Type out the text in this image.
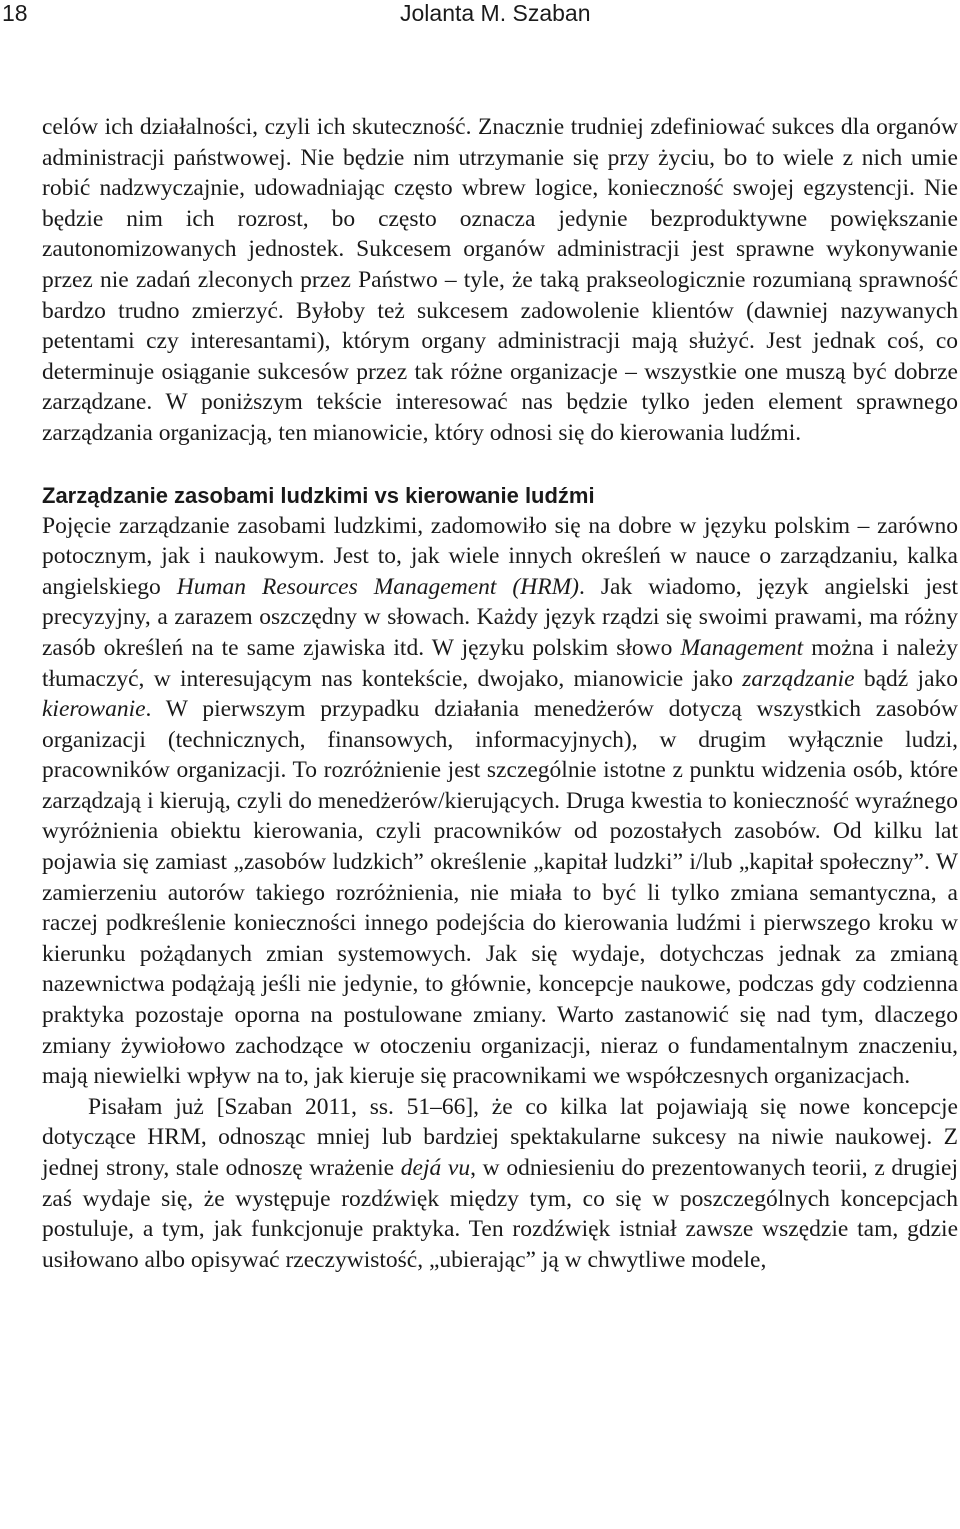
18	Jolanta M. Szaban

celów ich działalności, czyli ich skuteczność. Znacznie trudniej zdefiniować sukces dla organów administracji państwowej. Nie będzie nim utrzymanie się przy życiu, bo to wiele z nich umie robić nadzwyczajnie, udowadniając często wbrew logice, konieczność swojej egzystencji. Nie będzie nim ich rozrost, bo często oznacza jedynie bezproduktywne powiększanie zautonomizowanych jednostek. Sukcesem organów administracji jest sprawne wykonywanie przez nie zadań zleconych przez Państwo – tyle, że taką prakseologicznie rozumianą sprawność bardzo trudno zmierzyć. Byłoby też sukcesem zadowolenie klientów (dawniej nazywanych petentami czy interesantami), którym organy administracji mają służyć. Jest jednak coś, co determinuje osiąganie sukcesów przez tak różne organizacje – wszystkie one muszą być dobrze zarządzane. W poniższym tekście interesować nas będzie tylko jeden element sprawnego zarządzania organizacją, ten mianowicie, który odnosi się do kierowania ludźmi.

Zarządzanie zasobami ludzkimi vs kierowanie ludźmi

Pojęcie zarządzanie zasobami ludzkimi, zadomowiło się na dobre w języku polskim – zarówno potocznym, jak i naukowym. Jest to, jak wiele innych określeń w nauce o zarządzaniu, kalka angielskiego Human Resources Management (HRM). Jak wiadomo, język angielski jest precyzyjny, a zarazem oszczędny w słowach. Każdy język rządzi się swoimi prawami, ma różny zasób określeń na te same zjawiska itd. W języku polskim słowo Management można i należy tłumaczyć, w interesującym nas kontekście, dwojako, mianowicie jako zarządzanie bądź jako kierowanie. W pierwszym przypadku działania menedżerów dotyczą wszystkich zasobów organizacji (technicznych, finansowych, informacyjnych), w drugim wyłącznie ludzi, pracowników organizacji. To rozróżnienie jest szczególnie istotne z punktu widzenia osób, które zarządzają i kierują, czyli do menedżerów/kierujących. Druga kwestia to konieczność wyraźnego wyróżnienia obiektu kierowania, czyli pracowników od pozostałych zasobów. Od kilku lat pojawia się zamiast „zasobów ludzkich” określenie „kapitał ludzki” i/lub „kapitał społeczny”. W zamierzeniu autorów takiego rozróżnienia, nie miała to być li tylko zmiana semantyczna, a raczej podkreślenie konieczności innego podejścia do kierowania ludźmi i pierwszego kroku w kierunku pożądanych zmian systemowych. Jak się wydaje, dotychczas jednak za zmianą nazewnictwa podążają jeśli nie jedynie, to głównie, koncepcje naukowe, podczas gdy codzienna praktyka pozostaje oporna na postulowane zmiany. Warto zastanowić się nad tym, dlaczego zmiany żywiołowo zachodzące w otoczeniu organizacji, nieraz o fundamentalnym znaczeniu, mają niewielki wpływ na to, jak kieruje się pracownikami we współczesnych organizacjach.

Pisałam już [Szaban 2011, ss. 51–66], że co kilka lat pojawiają się nowe koncepcje dotyczące HRM, odnosząc mniej lub bardziej spektakularne sukcesy na niwie naukowej. Z jednej strony, stale odnoszę wrażenie dejá vu, w odniesieniu do prezentowanych teorii, z drugiej zaś wydaje się, że występuje rozdźwięk między tym, co się w poszczególnych koncepcjach postuluje, a tym, jak funkcjonuje praktyka. Ten rozdźwięk istniał zawsze wszędzie tam, gdzie usiłowano albo opisywać rzeczywistość, „ubierając” ją w chwytliwe modele,
